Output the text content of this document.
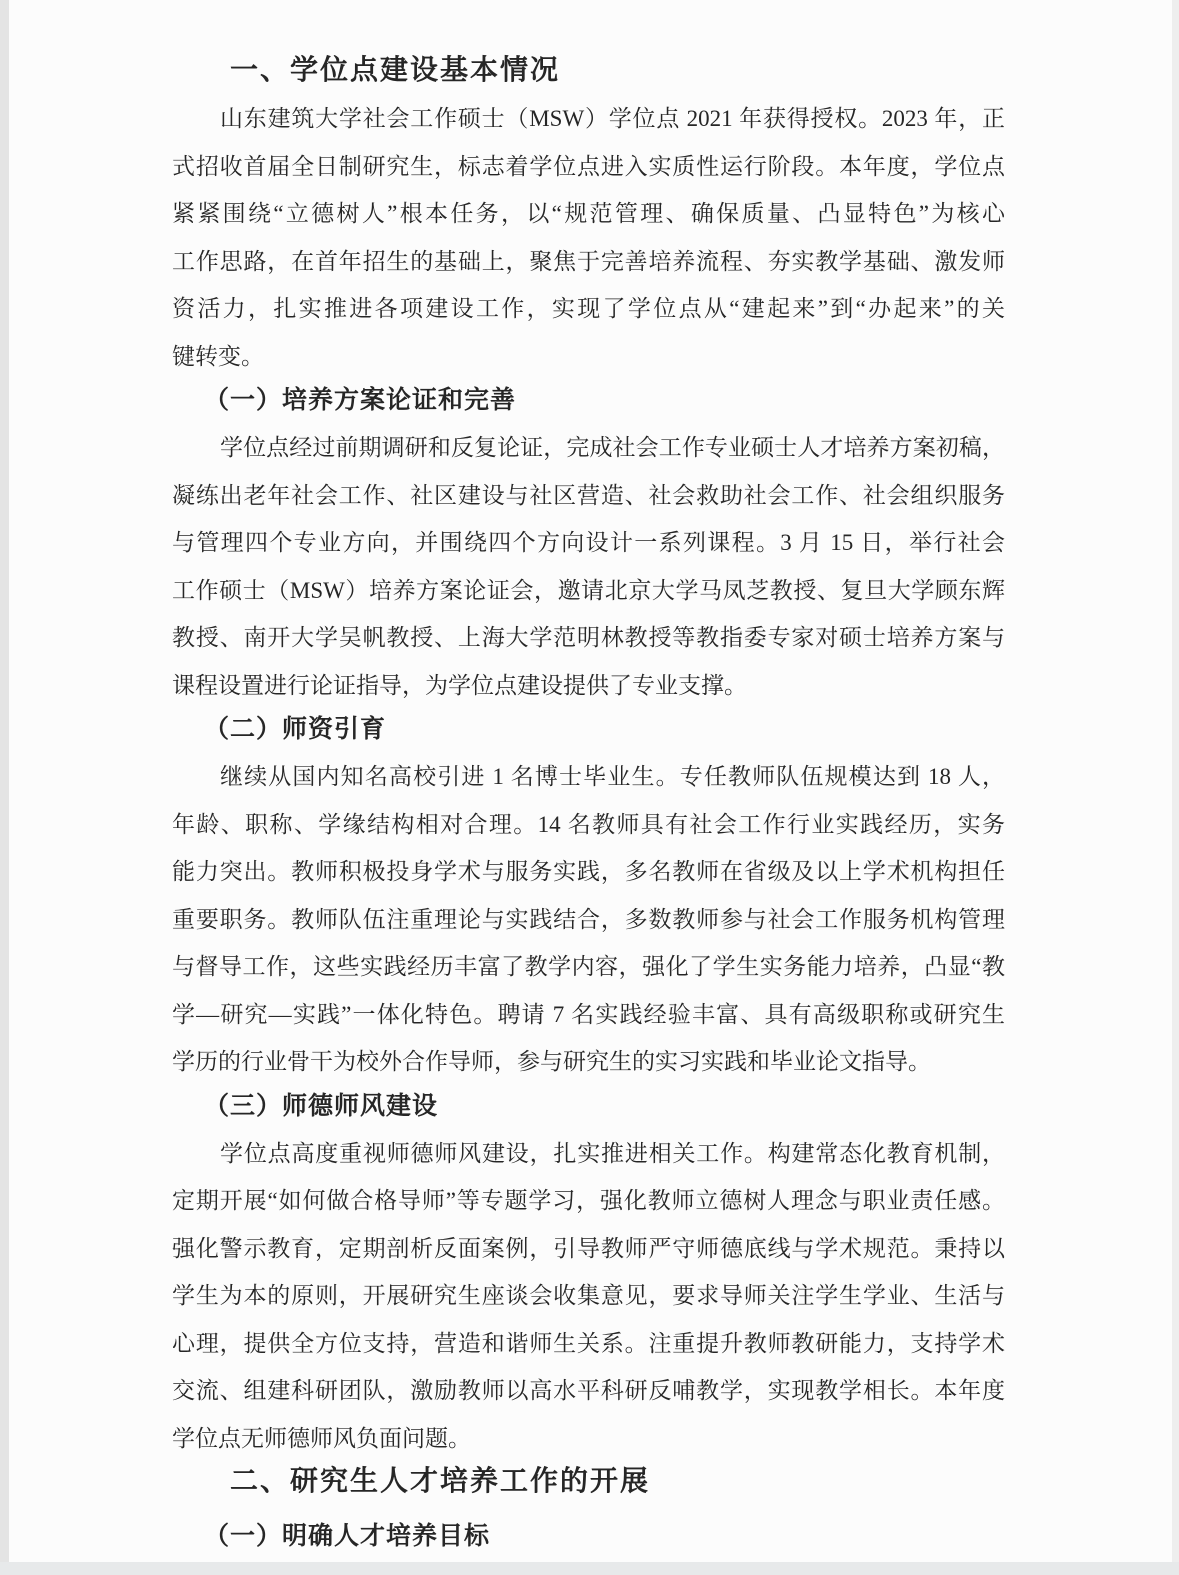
一、学位点建设基本情况
山东建筑大学社会工作硕士（MSW）学位点 2021 年获得授权。2023 年，正
式招收首届全日制研究生，标志着学位点进入实质性运行阶段。本年度，学位点
紧紧围绕“立德树人”根本任务，以“规范管理、确保质量、凸显特色”为核心
工作思路，在首年招生的基础上，聚焦于完善培养流程、夯实教学基础、激发师
资活力，扎实推进各项建设工作，实现了学位点从“建起来”到“办起来”的关
键转变。
（一）培养方案论证和完善
学位点经过前期调研和反复论证，完成社会工作专业硕士人才培养方案初稿，
凝练出老年社会工作、社区建设与社区营造、社会救助社会工作、社会组织服务
与管理四个专业方向，并围绕四个方向设计一系列课程。3 月 15 日，举行社会
工作硕士（MSW）培养方案论证会，邀请北京大学马凤芝教授、复旦大学顾东辉
教授、南开大学吴帆教授、上海大学范明林教授等教指委专家对硕士培养方案与
课程设置进行论证指导，为学位点建设提供了专业支撑。
（二）师资引育
继续从国内知名高校引进 1 名博士毕业生。专任教师队伍规模达到 18 人，
年龄、职称、学缘结构相对合理。14 名教师具有社会工作行业实践经历，实务
能力突出。教师积极投身学术与服务实践，多名教师在省级及以上学术机构担任
重要职务。教师队伍注重理论与实践结合，多数教师参与社会工作服务机构管理
与督导工作，这些实践经历丰富了教学内容，强化了学生实务能力培养，凸显“教
学—研究—实践”一体化特色。聘请 7 名实践经验丰富、具有高级职称或研究生
学历的行业骨干为校外合作导师，参与研究生的实习实践和毕业论文指导。
（三）师德师风建设
学位点高度重视师德师风建设，扎实推进相关工作。构建常态化教育机制，
定期开展“如何做合格导师”等专题学习，强化教师立德树人理念与职业责任感。
强化警示教育，定期剖析反面案例，引导教师严守师德底线与学术规范。秉持以
学生为本的原则，开展研究生座谈会收集意见，要求导师关注学生学业、生活与
心理，提供全方位支持，营造和谐师生关系。注重提升教师教研能力，支持学术
交流、组建科研团队，激励教师以高水平科研反哺教学，实现教学相长。本年度
学位点无师德师风负面问题。
二、研究生人才培养工作的开展
（一）明确人才培养目标
